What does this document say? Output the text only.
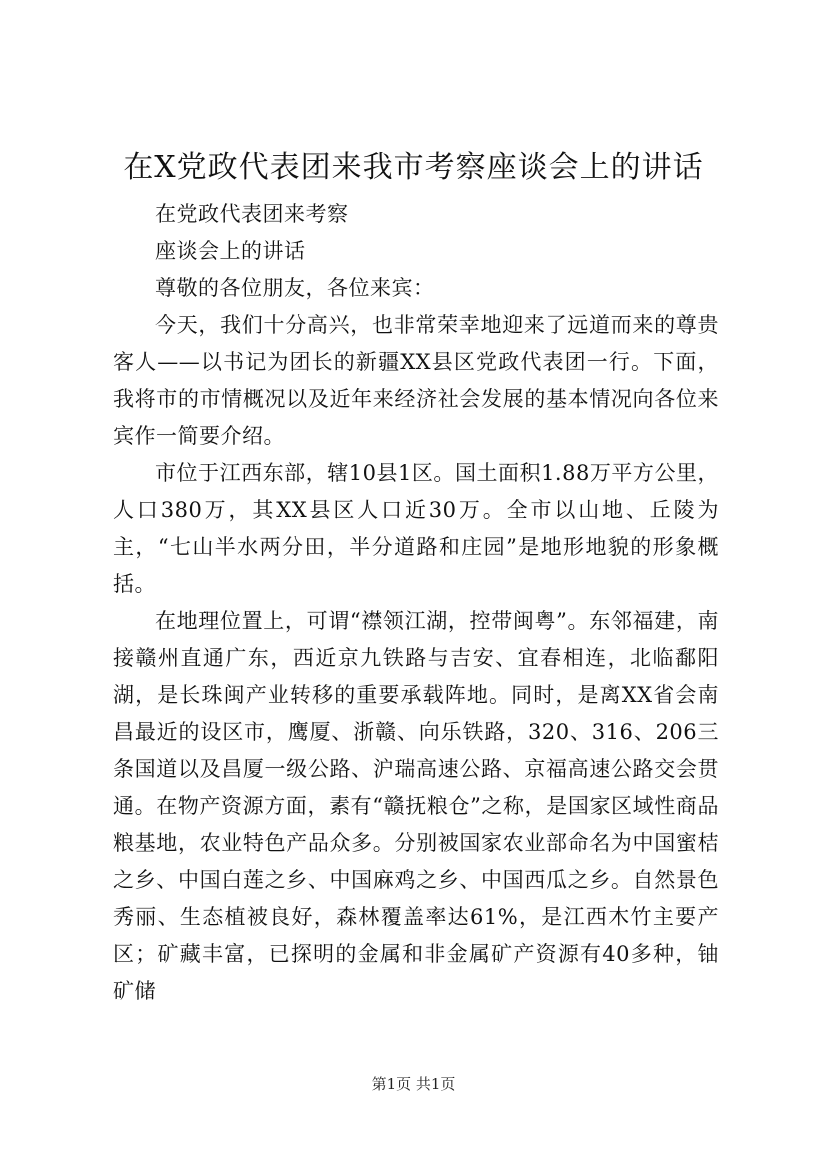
在X党政代表团来我市考察座谈会上的讲话

在党政代表团来考察

座谈会上的讲话

尊敬的各位朋友，各位来宾：

今天，我们十分高兴，也非常荣幸地迎来了远道而来的尊贵客人——以书记为团长的新疆XX县区党政代表团一行。下面，我将市的市情概况以及近年来经济社会发展的基本情况向各位来宾作一简要介绍。

市位于江西东部，辖10县1区。国土面积1.88万平方公里，人口380万，其XX县区人口近30万。全市以山地、丘陵为主，“七山半水两分田，半分道路和庄园”是地形地貌的形象概括。

在地理位置上，可谓“襟领江湖，控带闽粤”。东邻福建，南接赣州直通广东，西近京九铁路与吉安、宜春相连，北临鄱阳湖，是长珠闽产业转移的重要承载阵地。同时，是离XX省会南昌最近的设区市，鹰厦、浙赣、向乐铁路，320、316、206三条国道以及昌厦一级公路、沪瑞高速公路、京福高速公路交会贯通。在物产资源方面，素有“赣抚粮仓”之称，是国家区域性商品粮基地，农业特色产品众多。分别被国家农业部命名为中国蜜桔之乡、中国白莲之乡、中国麻鸡之乡、中国西瓜之乡。自然景色秀丽、生态植被良好，森林覆盖率达61%，是江西木竹主要产区；矿藏丰富，已探明的金属和非金属矿产资源有40多种，铀矿储

第1页 共1页
